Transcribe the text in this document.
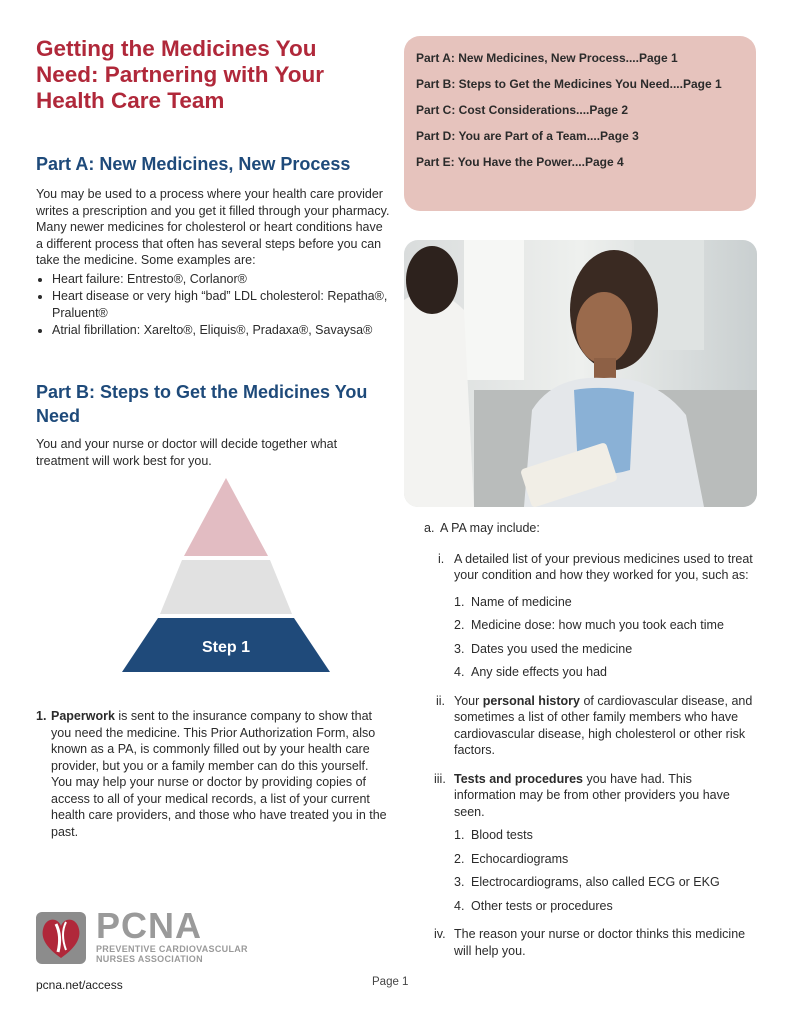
Getting the Medicines You Need: Partnering with Your Health Care Team
Part A: New Medicines, New Process

You may be used to a process where your health care provider writes a prescription and you get it filled through your pharmacy. Many newer medicines for cholesterol or heart conditions have a different process that often has several steps before you can take the medicine. Some examples are:

• Heart failure: Entresto®, Corlanor®
• Heart disease or very high “bad” LDL cholesterol: Repatha®, Praluent®
• Atrial fibrillation: Xarelto®, Eliquis®, Pradaxa®, Savaysa®
Part B: Steps to Get the Medicines You Need

You and your nurse or doctor will decide together what treatment will work best for you.

Step 1
1. Paperwork is sent to the insurance company to show that you need the medicine. This Prior Authorization Form, also known as a PA, is commonly filled out by your health care provider, but you or a family member can do this yourself. You may help your nurse or doctor by providing copies of access to all of your medical records, a list of your current health care providers, and those who have treated you in the past.
Part A: New Medicines, New Process....Page 1
Part B: Steps to Get the Medicines You Need....Page 1
Part C: Cost Considerations....Page 2
Part D: You are Part of a Team....Page 3
Part E: You Have the Power....Page 4
a. A PA may include:
i. A detailed list of your previous medicines used to treat your condition and how they worked for you, such as:
1. Name of medicine
2. Medicine dose: how much you took each time
3. Dates you used the medicine
4. Any side effects you had
ii. Your personal history of cardiovascular disease, and sometimes a list of other family members who have cardiovascular disease, high cholesterol or other risk factors.
iii. Tests and procedures you have had. This information may be from other providers you have seen.
1. Blood tests
2. Echocardiograms
3. Electrocardiograms, also called ECG or EKG
4. Other tests or procedures
iv. The reason your nurse or doctor thinks this medicine will help you.
PCNA
PREVENTIVE CARDIOVASCULAR
NURSES ASSOCIATION
pcna.net/access	Page 1
